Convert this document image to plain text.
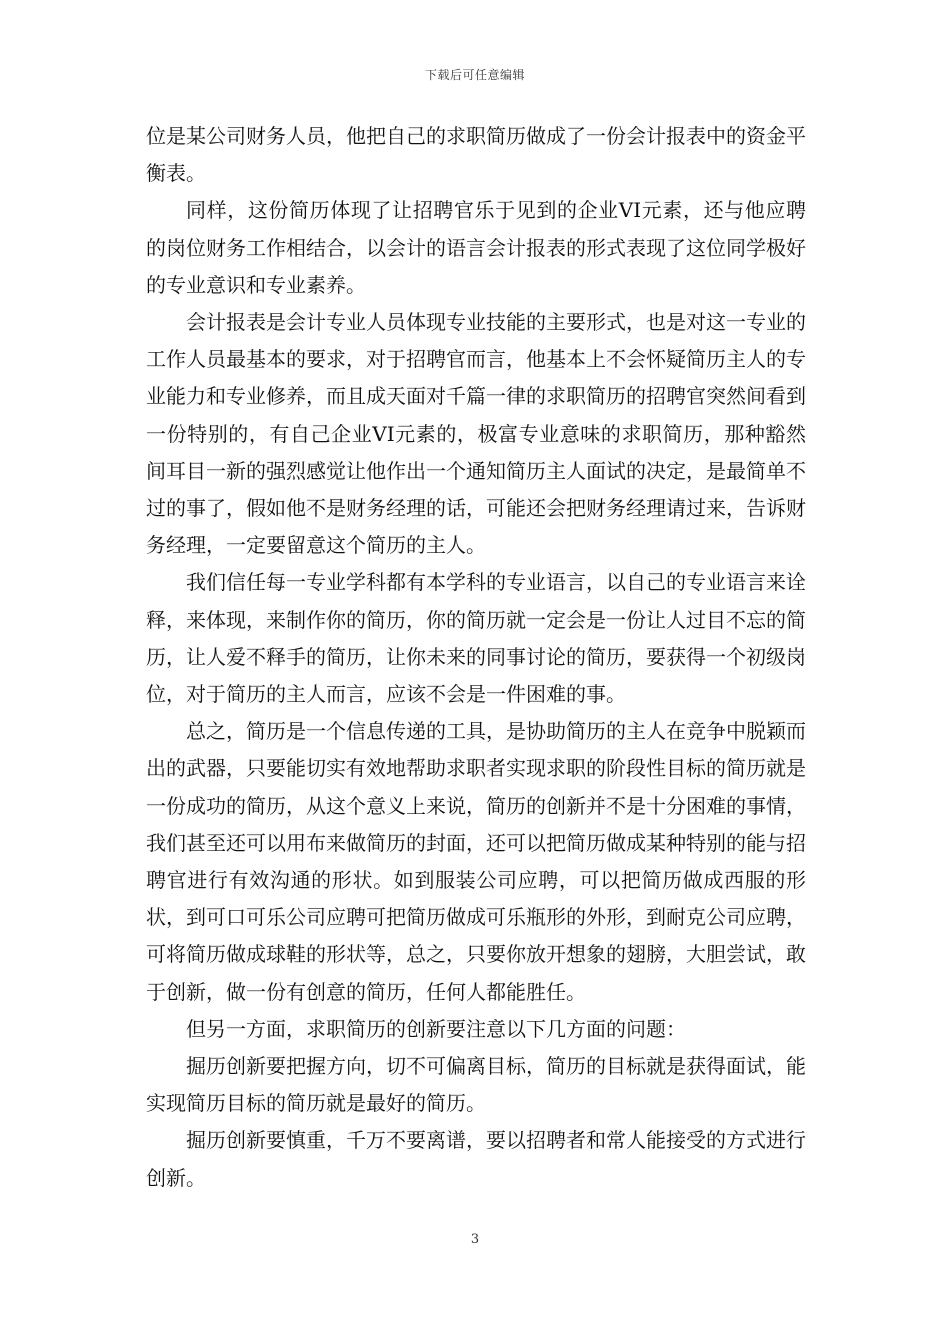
下载后可任意编辑

位是某公司财务人员，他把自己的求职简历做成了一份会计报表中的资金平衡表。

同样，这份简历体现了让招聘官乐于见到的企业VI元素，还与他应聘的岗位财务工作相结合，以会计的语言会计报表的形式表现了这位同学极好的专业意识和专业素养。

会计报表是会计专业人员体现专业技能的主要形式，也是对这一专业的工作人员最基本的要求，对于招聘官而言，他基本上不会怀疑简历主人的专业能力和专业修养，而且成天面对千篇一律的求职简历的招聘官突然间看到一份特别的，有自己企业VI元素的，极富专业意味的求职简历，那种豁然间耳目一新的强烈感觉让他作出一个通知简历主人面试的决定，是最简单不过的事了，假如他不是财务经理的话，可能还会把财务经理请过来，告诉财务经理，一定要留意这个简历的主人。

我们信任每一专业学科都有本学科的专业语言，以自己的专业语言来诠释，来体现，来制作你的简历，你的简历就一定会是一份让人过目不忘的简历，让人爱不释手的简历，让你未来的同事讨论的简历，要获得一个初级岗位，对于简历的主人而言，应该不会是一件困难的事。

总之，简历是一个信息传递的工具，是协助简历的主人在竞争中脱颖而出的武器，只要能切实有效地帮助求职者实现求职的阶段性目标的简历就是一份成功的简历，从这个意义上来说，简历的创新并不是十分困难的事情，我们甚至还可以用布来做简历的封面，还可以把简历做成某种特别的能与招聘官进行有效沟通的形状。如到服装公司应聘，可以把简历做成西服的形状，到可口可乐公司应聘可把简历做成可乐瓶形的外形，到耐克公司应聘，可将简历做成球鞋的形状等，总之，只要你放开想象的翅膀，大胆尝试，敢于创新，做一份有创意的简历，任何人都能胜任。

但另一方面，求职简历的创新要注意以下几方面的问题：

掘历创新要把握方向，切不可偏离目标，简历的目标就是获得面试，能实现简历目标的简历就是最好的简历。

掘历创新要慎重，千万不要离谱，要以招聘者和常人能接受的方式进行创新。

3
